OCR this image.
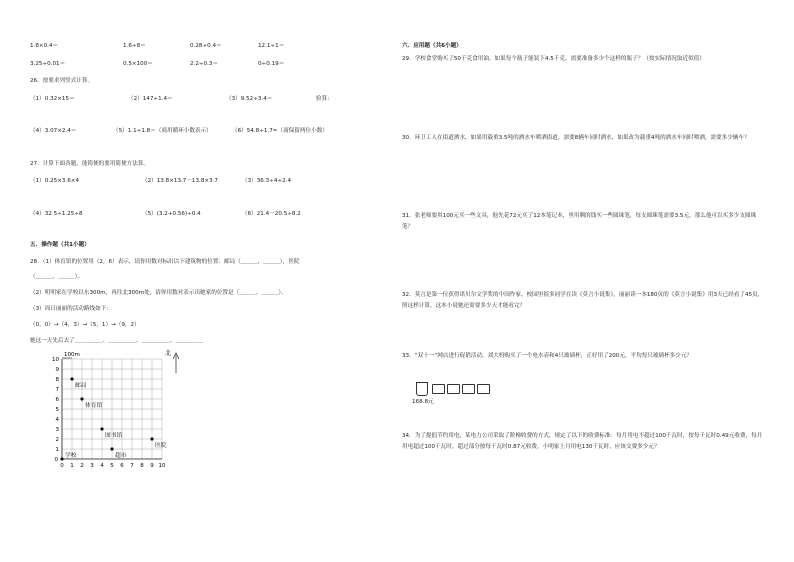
1.8×0.4＝	1.6÷8＝	0.28÷0.4＝	12.1÷1＝
3.25÷0.01＝	0.5×100＝	2.2÷0.3＝	0÷0.19＝
26．按要求列竖式计算。
（1）0.32×15＝	（2）147÷1.4＝	（3）9.52÷3.4＝	验算：
（4）3.07×2.4＝	（5）1.1÷1.8＝（商用循环小数表示）	（6）54.8÷1.7≈（商保留两位小数）
27．计算下面各题，能简便的要用简便方法算。
（1）0.25×3.6×4	（2）13.8×13.7－13.8×3.7	（3）36.3÷4÷2.4
（4）32.5÷1.25÷8	（5）(3.2+0.56)÷0.4	（6）21.4－20.5÷8.2
五．操作题（共1小题）
28．（1）体育馆的位置用（2，6）表示，请你用数对标出以下建筑物的位置：邮局（＿＿＿，＿＿＿），医院
（＿＿＿，＿＿＿）。
（2）明明家在学校以东300m，再往北300m处，请你用数对表示出她家的位置是（＿＿＿，＿＿＿）。
（3）周日丽丽的活动路线如下：
（0，0）→（4，3）→（5，1）→（9，2）
她这一天先后去了＿＿＿＿＿、＿＿＿＿＿、＿＿＿＿＿、＿＿＿＿＿
0 1 2 3 4 5 6 7 8 9 10
1
2
3
4
5
6
7
8
9
10
0
100m	北
邮局
体育馆
图书馆
医院
超市
学校
六．应用题（共6小题）
29．学校食堂购买了50千克食用油，如果每个瓶子能装下4.5千克，需要准备多少个这样的瓶子？（按实际情况取近似值）
30．环卫工人在街道洒水，如果用载重3.5吨的洒水车喷洒街道，需要8辆车同时洒水，如果改为载重4吨的洒水车同时喷洒，需要多少辆车？
31．张老师要用100元买一些文具，他先花72元买了12本笔记本，里用剩的钱买一些圆珠笔，每支圆珠笔需要3.5元，那么他可以买多少支圆珠笔？
32．莫言是第一位获得诺贝尔文学奖的中国作家。校园里很多同学在读《莫言小说集》，丽丽读一本180页的《莫言小说集》用3天已经看了45页，照这样计算，这本小说她还需要多少天才能看完？
33．“双十一”网店进行促销活动，刘大妈购买了一个电水壶和4只玻璃杯，正好用了200元，平均每只玻璃杯多少元？

168.8元
34．为了提倡节约用电，某电力公司采取了阶梯收费的方式，规定了以下的收费标准：每月用电不超过100千瓦时，按每千瓦时0.49元收费，每月用电超过100千瓦时，超过部分按每千瓦时0.87元收费，小明家上月用电130千瓦时，应该交费多少元？
